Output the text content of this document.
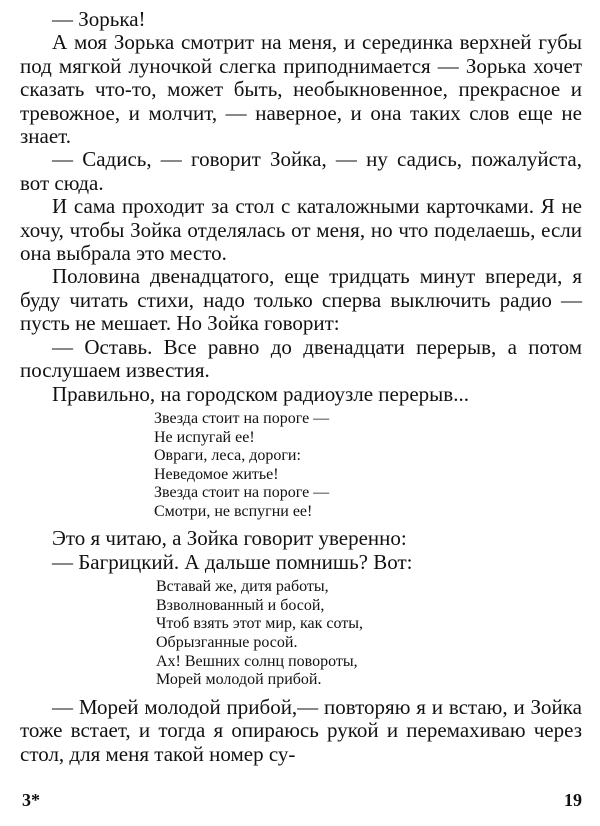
— Зорька!

А моя Зорька смотрит на меня, и серединка верхней губы под мягкой луночкой слегка приподнимается — Зорька хочет сказать что-то, может быть, необыкновенное, прекрасное и тревожное, и молчит, — наверное, и она таких слов еще не знает.

— Садись, — говорит Зойка, — ну садись, пожалуйста, вот сюда.

И сама проходит за стол с каталожными карточками. Я не хочу, чтобы Зойка отделялась от меня, но что поделаешь, если она выбрала это место.

Половина двенадцатого, еще тридцать минут впереди, я буду читать стихи, надо только сперва выключить радио — пусть не мешает. Но Зойка говорит:

— Оставь. Все равно до двенадцати перерыв, а потом послушаем известия.

Правильно, на городском радиоузле перерыв...

Звезда стоит на пороге —
Не испугай ее!
Овраги, леса, дороги:
Неведомое житье!
Звезда стоит на пороге —
Смотри, не вспугни ее!

Это я читаю, а Зойка говорит уверенно:

— Багрицкий. А дальше помнишь? Вот:

Вставай же, дитя работы,
Взволнованный и босой,
Чтоб взять этот мир, как соты,
Обрызганные росой.
Ах! Вешних солнц повороты,
Морей молодой прибой.

— Морей молодой прибой,— повторяю я и встаю, и Зойка тоже встает, и тогда я опираюсь рукой и перемахиваю через стол, для меня такой номер су-

3*	19
